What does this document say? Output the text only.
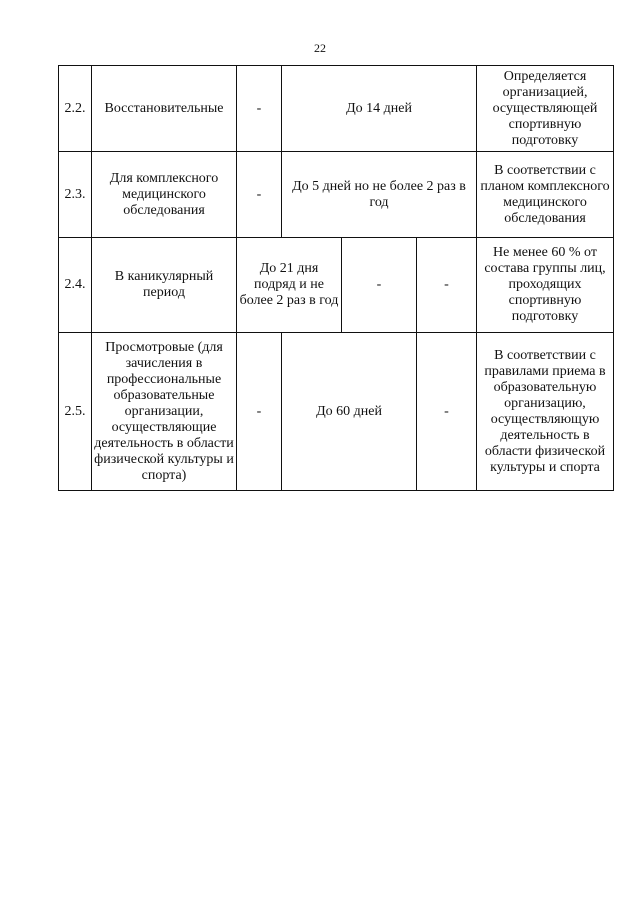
22
2.2.	Восстановительные	-	До 14 дней			Определяется организацией, осуществляющей спортивную подготовку
2.3.	Для комплексного медицинского обследования	-	До 5 дней но не более 2 раз в год			В соответствии с планом комплексного медицинского обследования
2.4.	В каникулярный период	До 21 дня подряд и не более 2 раз в год		-	-	Не менее 60 % от состава группы лиц, проходящих спортивную подготовку
2.5.	Просмотровые (для зачисления в профессиональные образовательные организации, осуществляющие деятельность в области физической культуры и спорта)	-	До 60 дней		-	В соответствии с правилами приема в образовательную организацию, осуществляющую деятельность в области физической культуры и спорта
